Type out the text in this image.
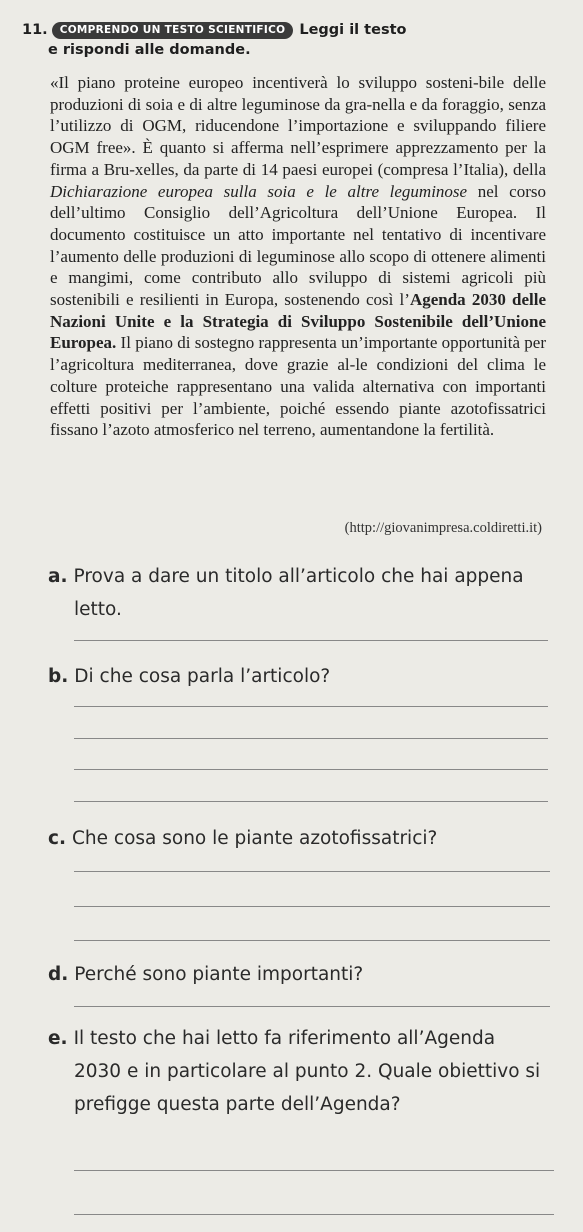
11. COMPRENDO UN TESTO SCIENTIFICO Leggi il testo
e rispondi alle domande.

«Il piano proteine europeo incentiverà lo sviluppo sosteni-bile delle produzioni di soia e di altre leguminose da gra-nella e da foraggio, senza l’utilizzo di OGM, riducendone l’importazione e sviluppando filiere OGM free». È quanto si afferma nell’esprimere apprezzamento per la firma a Bru-xelles, da parte di 14 paesi europei (compresa l’Italia), della Dichiarazione europea sulla soia e le altre leguminose nel corso dell’ultimo Consiglio dell’Agricoltura dell’Unione Europea. Il documento costituisce un atto importante nel tentativo di incentivare l’aumento delle produzioni di leguminose allo scopo di ottenere alimenti e mangimi, come contributo allo sviluppo di sistemi agricoli più sostenibili e resilienti in Europa, sostenendo così l’Agenda 2030 delle Nazioni Unite e la Strategia di Sviluppo Sostenibile dell’Unione Europea. Il piano di sostegno rappresenta un’importante opportunità per l’agricoltura mediterranea, dove grazie al-le condizioni del clima le colture proteiche rappresentano una valida alternativa con importanti effetti positivi per l’ambiente, poiché essendo piante azotofissatrici fissano l’azoto atmosferico nel terreno, aumentandone la fertilità.

(http://giovanimpresa.coldiretti.it)
a. Prova a dare un titolo all’articolo che hai appena
letto.
b. Di che cosa parla l’articolo?
c. Che cosa sono le piante azotofissatrici?
d. Perché sono piante importanti?
e. Il testo che hai letto fa riferimento all’Agenda
2030 e in particolare al punto 2. Quale obiettivo si
prefigge questa parte dell’Agenda?
